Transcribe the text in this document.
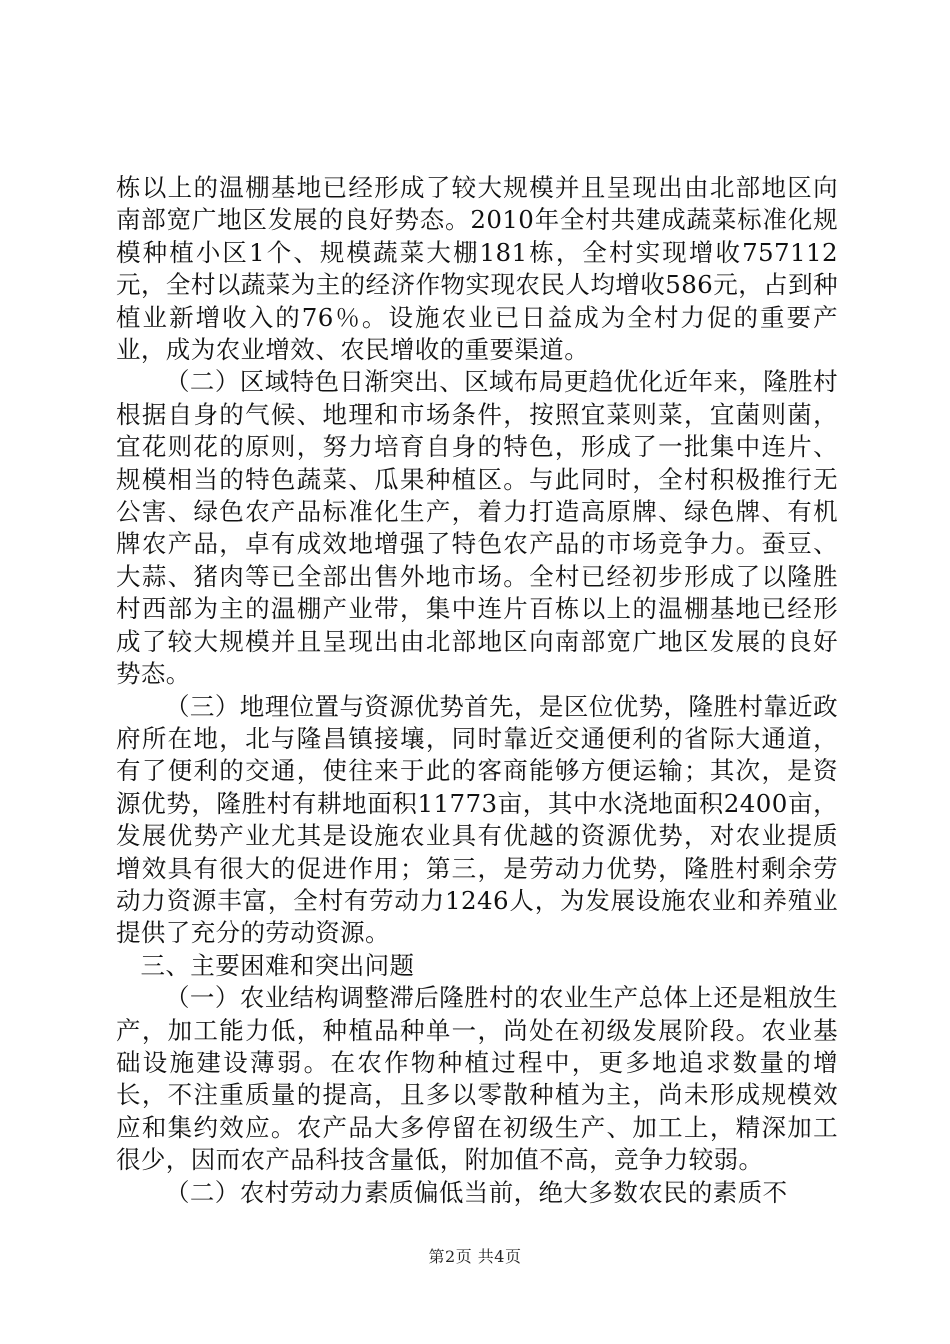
栋以上的温棚基地已经形成了较大规模并且呈现出由北部地区向南部宽广地区发展的良好势态。2010年全村共建成蔬菜标准化规模种植小区1个、规模蔬菜大棚181栋，全村实现增收757112元，全村以蔬菜为主的经济作物实现农民人均增收586元，占到种植业新增收入的76％。设施农业已日益成为全村力促的重要产业，成为农业增效、农民增收的重要渠道。

（二）区域特色日渐突出、区域布局更趋优化近年来，隆胜村根据自身的气候、地理和市场条件，按照宜菜则菜，宜菌则菌，宜花则花的原则，努力培育自身的特色，形成了一批集中连片、规模相当的特色蔬菜、瓜果种植区。与此同时，全村积极推行无公害、绿色农产品标准化生产，着力打造高原牌、绿色牌、有机牌农产品，卓有成效地增强了特色农产品的市场竞争力。蚕豆、大蒜、猪肉等已全部出售外地市场。全村已经初步形成了以隆胜村西部为主的温棚产业带，集中连片百栋以上的温棚基地已经形成了较大规模并且呈现出由北部地区向南部宽广地区发展的良好势态。

（三）地理位置与资源优势首先，是区位优势，隆胜村靠近政府所在地，北与隆昌镇接壤，同时靠近交通便利的省际大通道，有了便利的交通，使往来于此的客商能够方便运输；其次，是资源优势，隆胜村有耕地面积11773亩，其中水浇地面积2400亩，发展优势产业尤其是设施农业具有优越的资源优势，对农业提质增效具有很大的促进作用；第三，是劳动力优势，隆胜村剩余劳动力资源丰富，全村有劳动力1246人，为发展设施农业和养殖业提供了充分的劳动资源。

三、主要困难和突出问题

（一）农业结构调整滞后隆胜村的农业生产总体上还是粗放生产，加工能力低，种植品种单一，尚处在初级发展阶段。农业基础设施建设薄弱。在农作物种植过程中，更多地追求数量的增长，不注重质量的提高，且多以零散种植为主，尚未形成规模效应和集约效应。农产品大多停留在初级生产、加工上，精深加工很少，因而农产品科技含量低，附加值不高，竞争力较弱。

（二）农村劳动力素质偏低当前，绝大多数农民的素质不

第2页 共4页
